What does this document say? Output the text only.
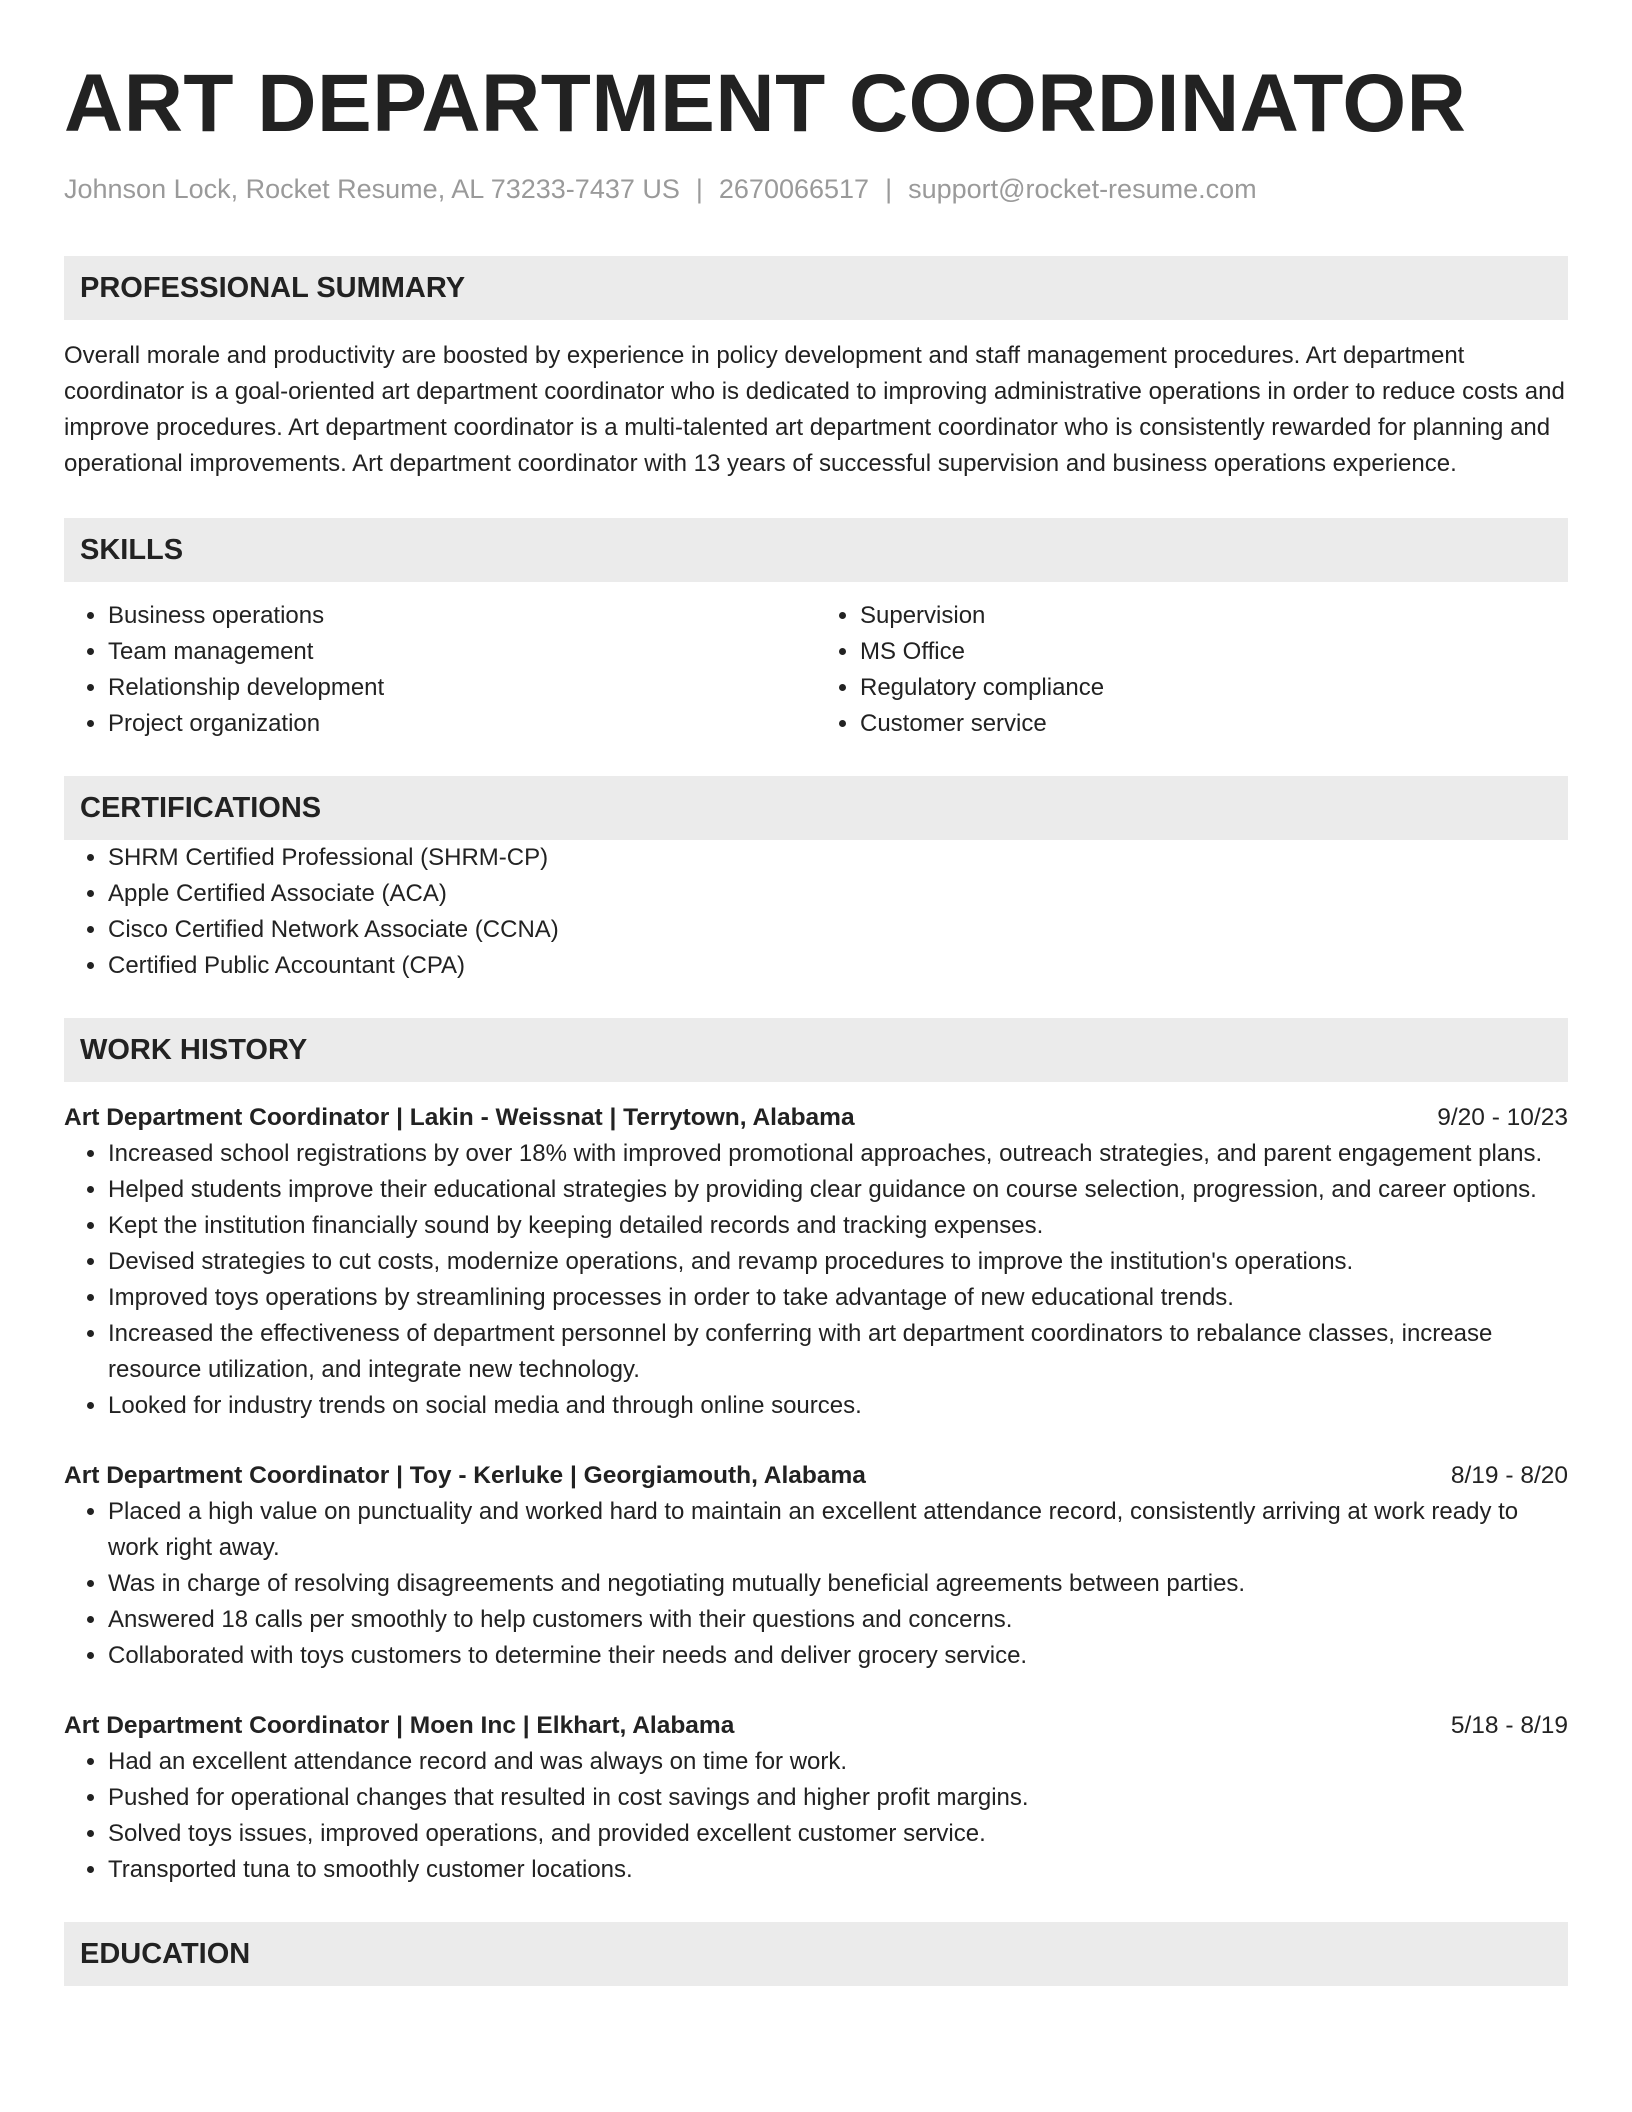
ART DEPARTMENT COORDINATOR
Johnson Lock, Rocket Resume, AL 73233-7437 US | 2670066517 | support@rocket-resume.com
PROFESSIONAL SUMMARY

Overall morale and productivity are boosted by experience in policy development and staff management procedures. Art department coordinator is a goal-oriented art department coordinator who is dedicated to improving administrative operations in order to reduce costs and improve procedures. Art department coordinator is a multi-talented art department coordinator who is consistently rewarded for planning and operational improvements. Art department coordinator with 13 years of successful supervision and business operations experience.

SKILLS
• Business operations
• Team management
• Relationship development
• Project organization
• Supervision
• MS Office
• Regulatory compliance
• Customer service
CERTIFICATIONS
• SHRM Certified Professional (SHRM-CP)
• Apple Certified Associate (ACA)
• Cisco Certified Network Associate (CCNA)
• Certified Public Accountant (CPA)
WORK HISTORY
Art Department Coordinator | Lakin - Weissnat | Terrytown, Alabama	9/20 - 10/23
• Increased school registrations by over 18% with improved promotional approaches, outreach strategies, and parent engagement plans.
• Helped students improve their educational strategies by providing clear guidance on course selection, progression, and career options.
• Kept the institution financially sound by keeping detailed records and tracking expenses.
• Devised strategies to cut costs, modernize operations, and revamp procedures to improve the institution's operations.
• Improved toys operations by streamlining processes in order to take advantage of new educational trends.
• Increased the effectiveness of department personnel by conferring with art department coordinators to rebalance classes, increase resource utilization, and integrate new technology.
• Looked for industry trends on social media and through online sources.
Art Department Coordinator | Toy - Kerluke | Georgiamouth, Alabama	8/19 - 8/20
• Placed a high value on punctuality and worked hard to maintain an excellent attendance record, consistently arriving at work ready to work right away.
• Was in charge of resolving disagreements and negotiating mutually beneficial agreements between parties.
• Answered 18 calls per smoothly to help customers with their questions and concerns.
• Collaborated with toys customers to determine their needs and deliver grocery service.
Art Department Coordinator | Moen Inc | Elkhart, Alabama	5/18 - 8/19
• Had an excellent attendance record and was always on time for work.
• Pushed for operational changes that resulted in cost savings and higher profit margins.
• Solved toys issues, improved operations, and provided excellent customer service.
• Transported tuna to smoothly customer locations.
EDUCATION
